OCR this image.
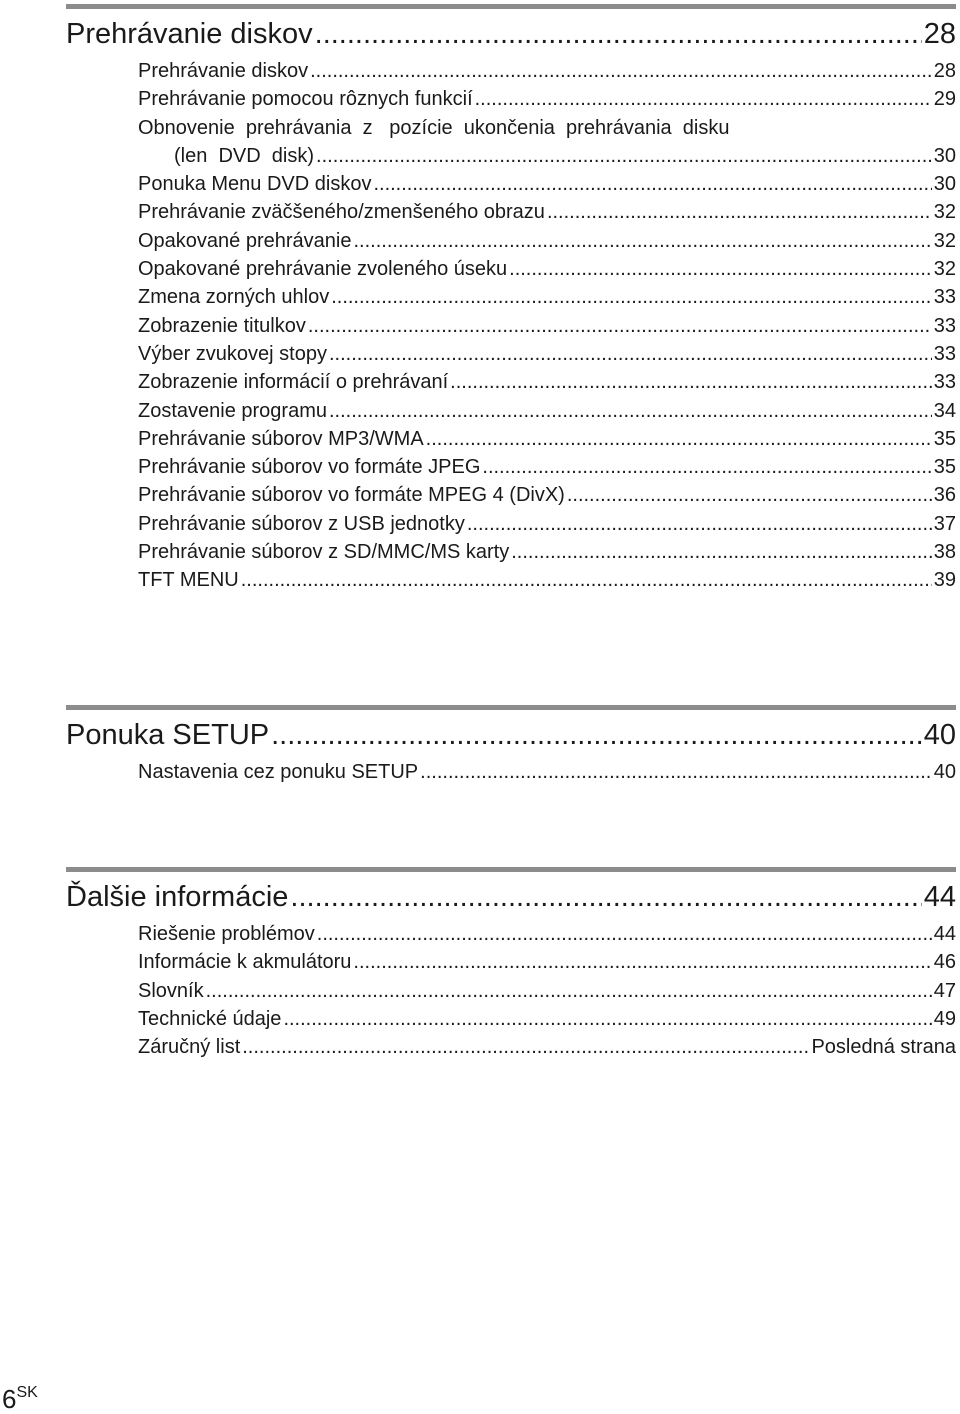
Prehrávanie diskov .....	28
Prehrávanie diskov .....	28
Prehrávanie pomocou rôznych funkcií .....	29
Obnovenie  prehrávania  z   pozície  ukončenia  prehrávania  disku
(len  DVD  disk) .....	30
Ponuka Menu DVD diskov .....	30
Prehrávanie zväčšeného/zmenšeného obrazu .....	32
Opakované prehrávanie .....	32
Opakované prehrávanie zvoleného úseku .....	32
Zmena zorných uhlov .....	33
Zobrazenie titulkov .....	33
Výber zvukovej stopy .....	33
Zobrazenie informácií o prehrávaní .....	33
Zostavenie programu .....	34
Prehrávanie súborov MP3/WMA .....	35
Prehrávanie súborov vo formáte JPEG .....	35
Prehrávanie súborov vo formáte MPEG 4 (DivX) .....	36
Prehrávanie súborov z USB jednotky .....	37
Prehrávanie súborov z SD/MMC/MS karty .....	38
TFT MENU .....	39
Ponuka SETUP .....	40
Nastavenia cez ponuku SETUP .....	40
Ďalšie informácie .....	44
Riešenie problémov .....	44
Informácie k akmulátoru .....	46
Slovník .....	47
Technické údaje .....	49
Záručný list .....	Posledná strana
$6^{SK}$
